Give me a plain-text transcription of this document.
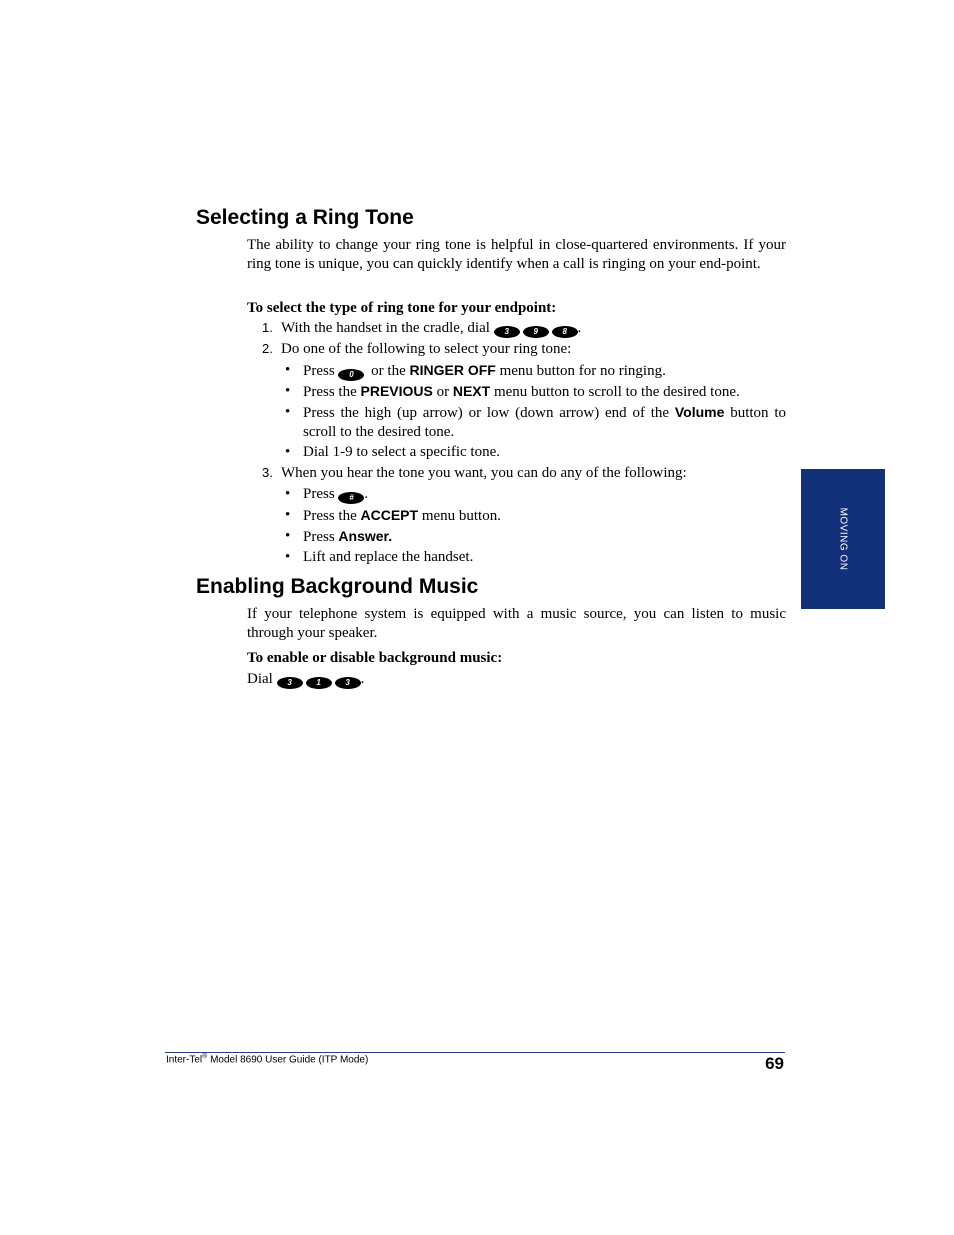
Selecting a Ring Tone

The ability to change your ring tone is helpful in close-quartered environments. If your ring tone is unique, you can quickly identify when a call is ringing on your end-point.

To select the type of ring tone for your endpoint:

1. With the handset in the cradle, dial 3	9	8 .
2. Do one of the following to select your ring tone:
• Press 0 or the RINGER OFF menu button for no ringing.
• Press the PREVIOUS or NEXT menu button to scroll to the desired tone.
• Press the high (up arrow) or low (down arrow) end of the Volume button to scroll to the desired tone.
• Dial 1-9 to select a specific tone.
3. When you hear the tone you want, you can do any of the following:
• Press # .
• Press the ACCEPT menu button.
• Press Answer.
• Lift and replace the handset.
Enabling Background Music

If your telephone system is equipped with a music source, you can listen to music through your speaker.

To enable or disable background music:

Dial 3	1	3 .
MOVING ON
Inter-Tel® Model 8690 User Guide (ITP Mode)	69
